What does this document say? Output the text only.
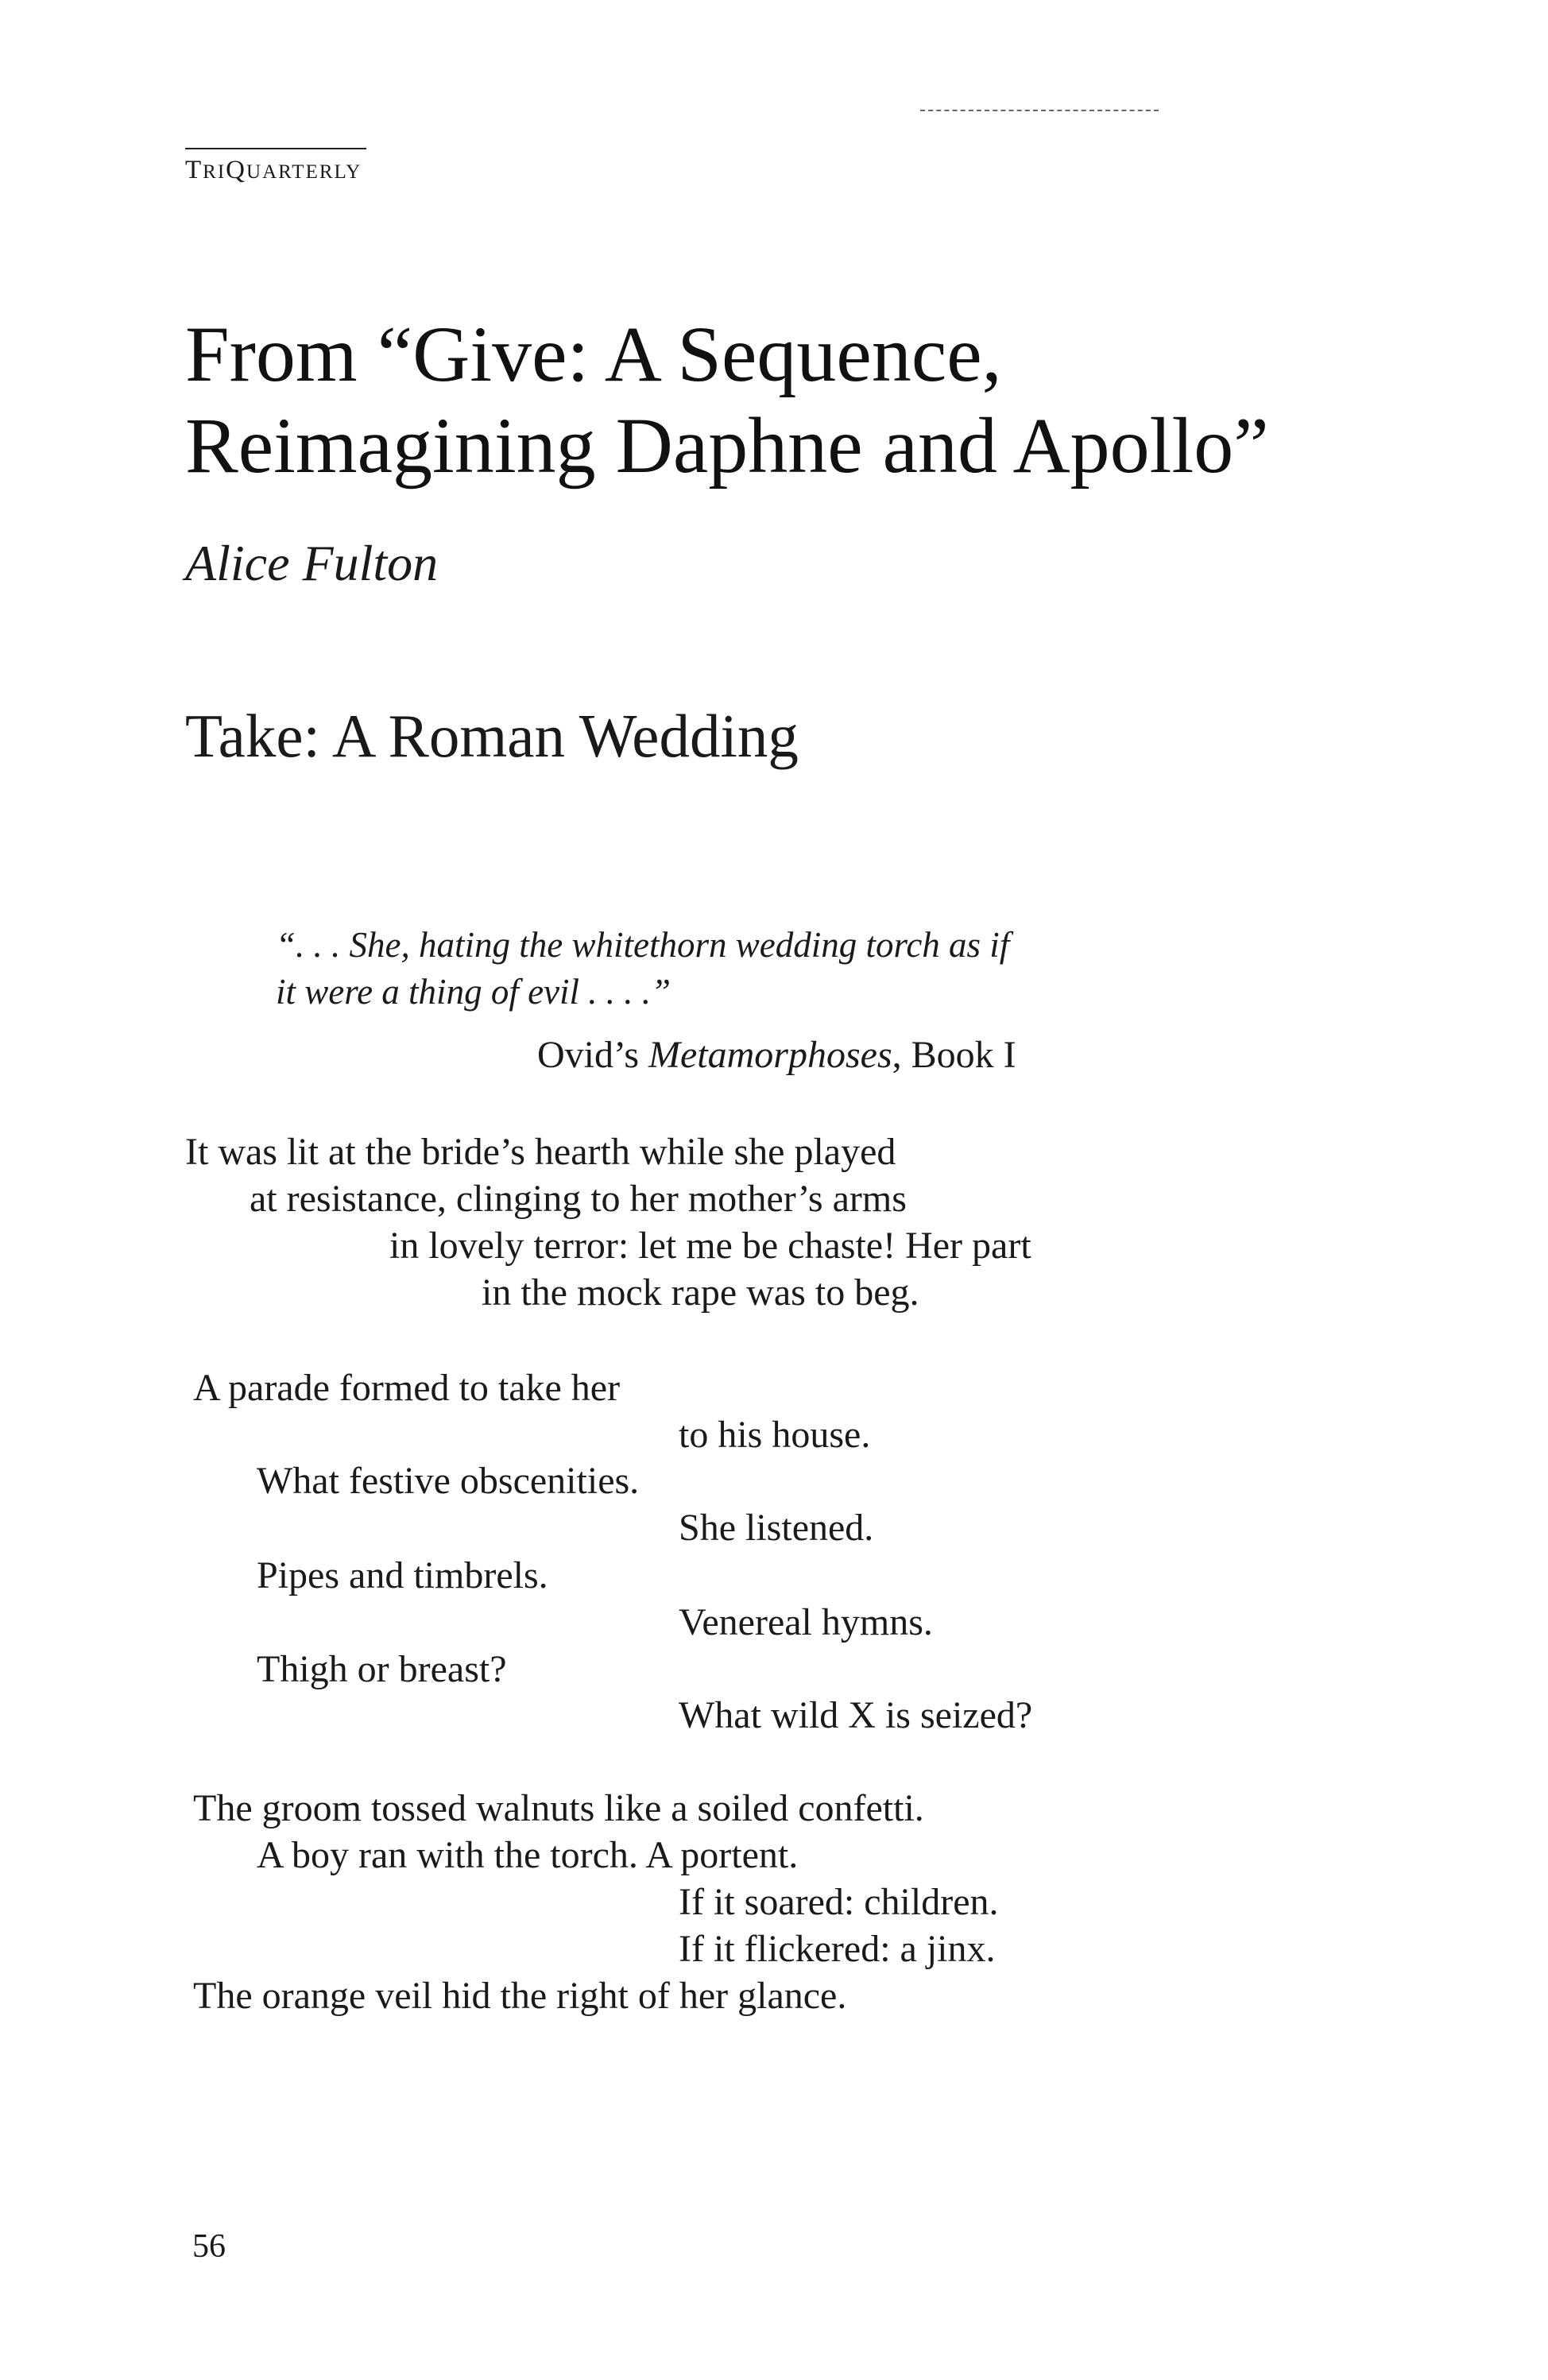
TRIQUARTERLY
From “Give: A Sequence,
Reimagining Daphne and Apollo”
Alice Fulton
Take: A Roman Wedding
“. . . She, hating the whitethorn wedding torch as if
it were a thing of evil . . . .”
Ovid’s Metamorphoses, Book I
It was lit at the bride’s hearth while she played
at resistance, clinging to her mother’s arms
in lovely terror: let me be chaste! Her part
in the mock rape was to beg.
A parade formed to take her
to his house.
What festive obscenities.
She listened.
Pipes and timbrels.
Venereal hymns.
Thigh or breast?
What wild X is seized?
The groom tossed walnuts like a soiled confetti.
A boy ran with the torch. A portent.
If it soared: children.
If it flickered: a jinx.
The orange veil hid the right of her glance.
56
